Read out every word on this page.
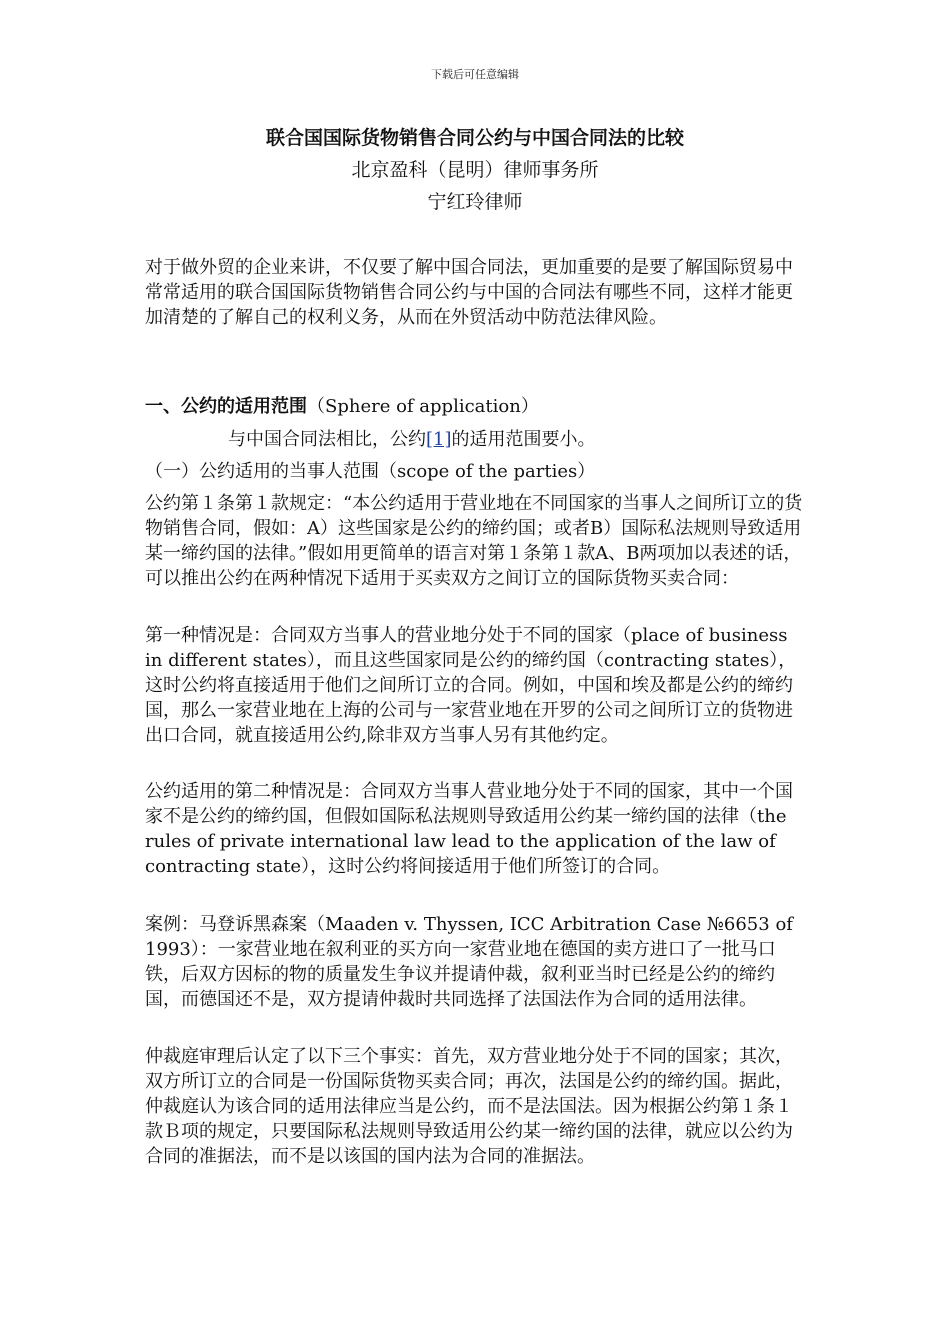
下载后可任意编辑

联合国国际货物销售合同公约与中国合同法的比较

北京盈科（昆明）律师事务所

宁红玲律师

对于做外贸的企业来讲，不仅要了解中国合同法，更加重要的是要了解国际贸易中常常适用的联合国国际货物销售合同公约与中国的合同法有哪些不同，这样才能更加清楚的了解自己的权利义务，从而在外贸活动中防范法律风险。

一、公约的适用范围（Sphere of application）

与中国合同法相比，公约[1]的适用范围要小。

（一）公约适用的当事人范围（scope of the parties）

公约第１条第１款规定：“本公约适用于营业地在不同国家的当事人之间所订立的货物销售合同，假如：A）这些国家是公约的缔约国；或者B）国际私法规则导致适用某一缔约国的法律。”假如用更简单的语言对第１条第１款A、B两项加以表述的话，可以推出公约在两种情况下适用于买卖双方之间订立的国际货物买卖合同：

第一种情况是：合同双方当事人的营业地分处于不同的国家（place of business in different states），而且这些国家同是公约的缔约国（contracting states），这时公约将直接适用于他们之间所订立的合同。例如，中国和埃及都是公约的缔约国，那么一家营业地在上海的公司与一家营业地在开罗的公司之间所订立的货物进出口合同，就直接适用公约,除非双方当事人另有其他约定。

公约适用的第二种情况是：合同双方当事人营业地分处于不同的国家，其中一个国家不是公约的缔约国，但假如国际私法规则导致适用公约某一缔约国的法律（the rules of private international law lead to the application of the law of contracting state），这时公约将间接适用于他们所签订的合同。

案例：马登诉黑森案（Maaden v. Thyssen, ICC Arbitration Case №6653 of 1993）：一家营业地在叙利亚的买方向一家营业地在德国的卖方进口了一批马口铁，后双方因标的物的质量发生争议并提请仲裁，叙利亚当时已经是公约的缔约国，而德国还不是，双方提请仲裁时共同选择了法国法作为合同的适用法律。

仲裁庭审理后认定了以下三个事实：首先，双方营业地分处于不同的国家；其次，双方所订立的合同是一份国际货物买卖合同；再次，法国是公约的缔约国。据此，仲裁庭认为该合同的适用法律应当是公约，而不是法国法。因为根据公约第１条１款Ｂ项的规定，只要国际私法规则导致适用公约某一缔约国的法律，就应以公约为合同的准据法，而不是以该国的国内法为合同的准据法。
